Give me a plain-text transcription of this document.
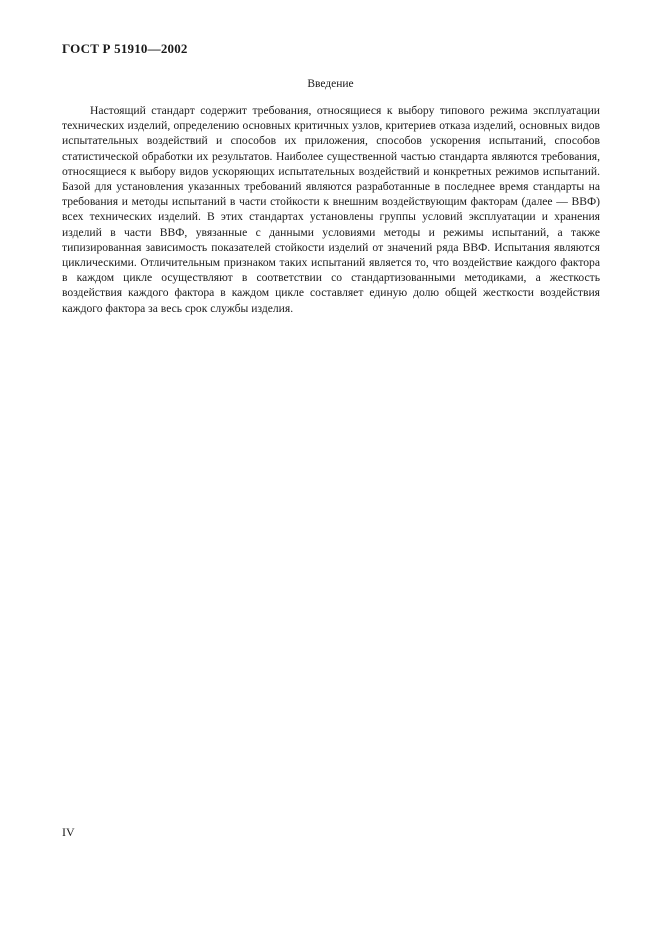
ГОСТ Р 51910—2002
Введение

Настоящий стандарт содержит требования, относящиеся к выбору типового режима эксплуатации технических изделий, определению основных критичных узлов, критериев отказа изделий, основных видов испытательных воздействий и способов их приложения, способов ускорения испытаний, способов статистической обработки их результатов. Наиболее существенной частью стандарта являются требования, относящиеся к выбору видов ускоряющих испытательных воздействий и конкретных режимов испытаний. Базой для установления указанных требований являются разработанные в последнее время стандарты на требования и методы испытаний в части стойкости к внешним воздействующим факторам (далее — ВВФ) всех технических изделий. В этих стандартах установлены группы условий эксплуатации и хранения изделий в части ВВФ, увязанные с данными условиями методы и режимы испытаний, а также типизированная зависимость показателей стойкости изделий от значений ряда ВВФ. Испытания являются циклическими. Отличительным признаком таких испытаний является то, что воздействие каждого фактора в каждом цикле осуществляют в соответствии со стандартизованными методиками, а жесткость воздействия каждого фактора в каждом цикле составляет единую долю общей жесткости воздействия каждого фактора за весь срок службы изделия.

IV
